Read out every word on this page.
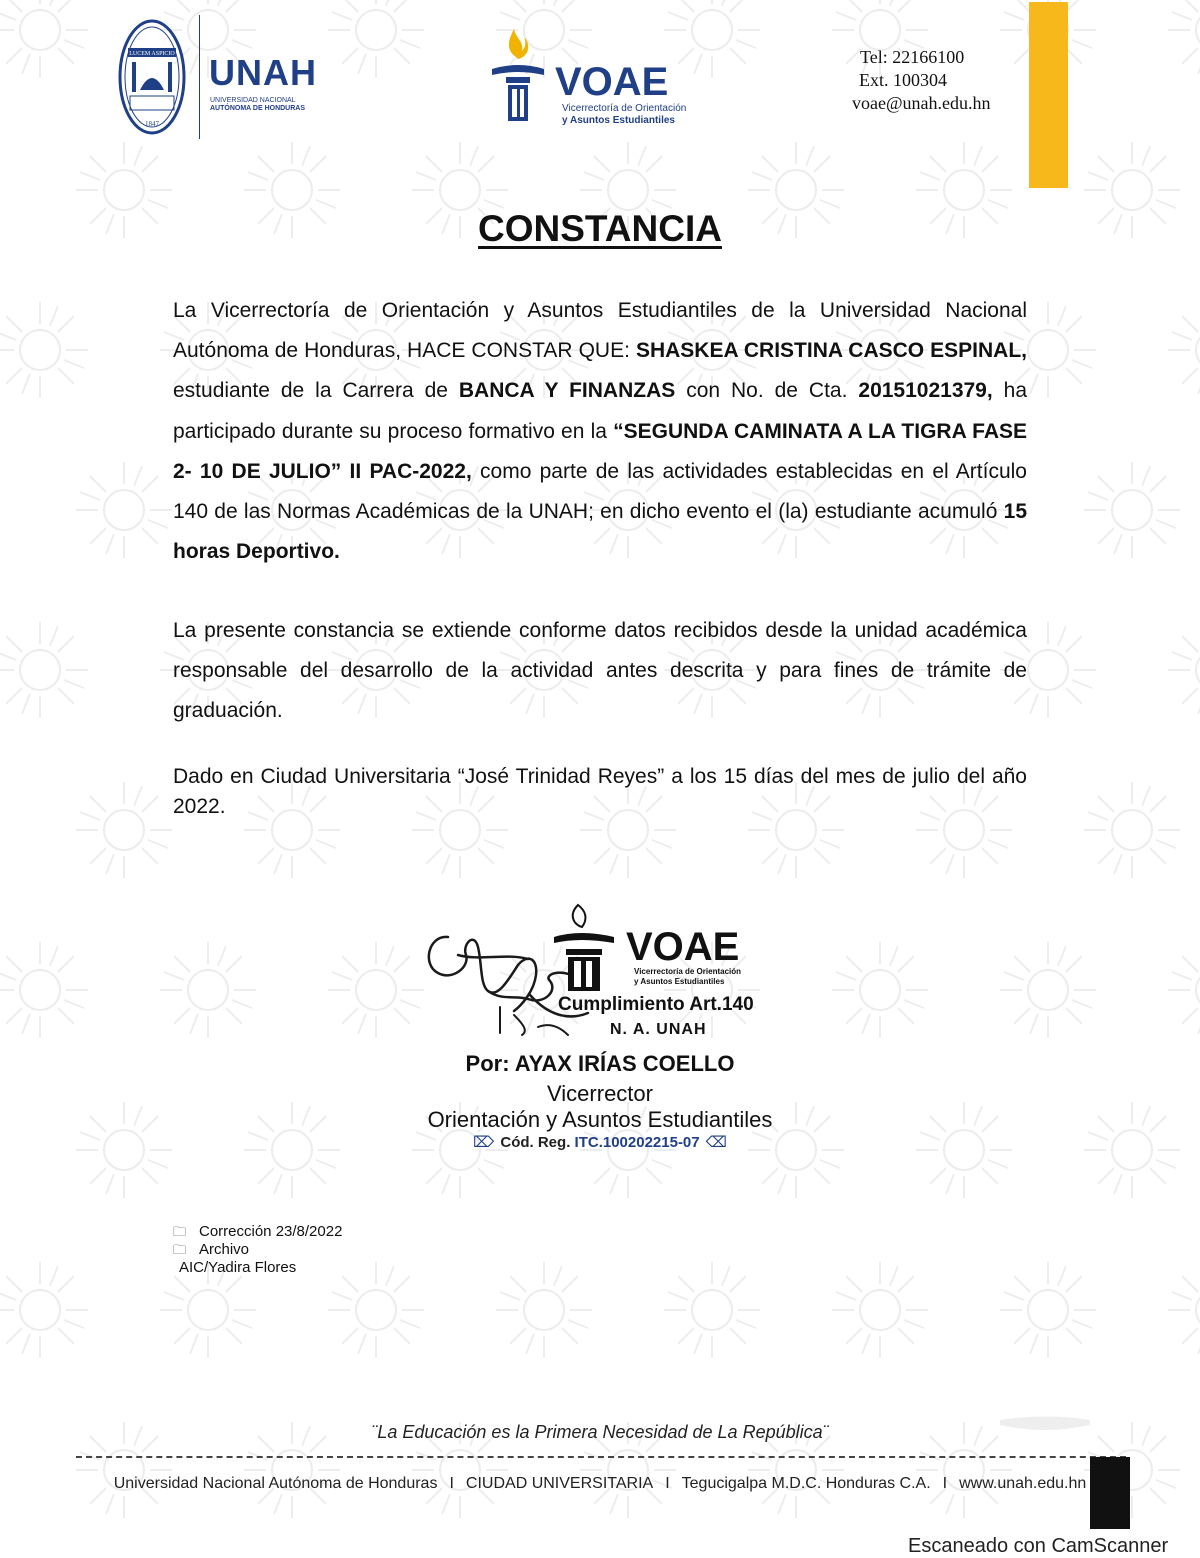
LUCEM ASPICIO
1847
UNAH
UNIVERSIDAD NACIONAL
AUTÓNOMA DE HONDURAS
VOAE
Vicerrectoría de Orientación
y Asuntos Estudiantiles
Tel: 22166100
Ext. 100304
voae@unah.edu.hn
CONSTANCIA
La Vicerrectoría de Orientación y Asuntos Estudiantiles de la Universidad Nacional Autónoma de Honduras, HACE CONSTAR QUE: SHASKEA CRISTINA CASCO ESPINAL, estudiante de la Carrera de BANCA Y FINANZAS con No. de Cta. 20151021379, ha participado durante su proceso formativo en la “SEGUNDA CAMINATA A LA TIGRA FASE 2- 10 DE JULIO” II PAC-2022, como parte de las actividades establecidas en el Artículo 140 de las Normas Académicas de la UNAH; en dicho evento el (la) estudiante acumuló 15 horas Deportivo.
La presente constancia se extiende conforme datos recibidos desde la unidad académica responsable del desarrollo de la actividad antes descrita y para fines de trámite de graduación.
Dado en Ciudad Universitaria “José Trinidad Reyes” a los 15 días del mes de julio del año 2022.
VOAE
Vicerrectoría de Orientación
y Asuntos Estudiantiles
Cumplimiento Art.140
N. A. UNAH
Por: AYAX IRÍAS COELLO
Vicerrector
Orientación y Asuntos Estudiantiles
⌦ Cód. Reg. ITC.100202215-07 ⌫
🗀 Corrección 23/8/2022
🗀 Archivo
AIC/Yadira Flores
¨La Educación es la Primera Necesidad de La República¨
Universidad Nacional Autónoma de Honduras I CIUDAD UNIVERSITARIA I Tegucigalpa M.D.C. Honduras C.A. I www.unah.edu.hn
Escaneado con CamScanner
